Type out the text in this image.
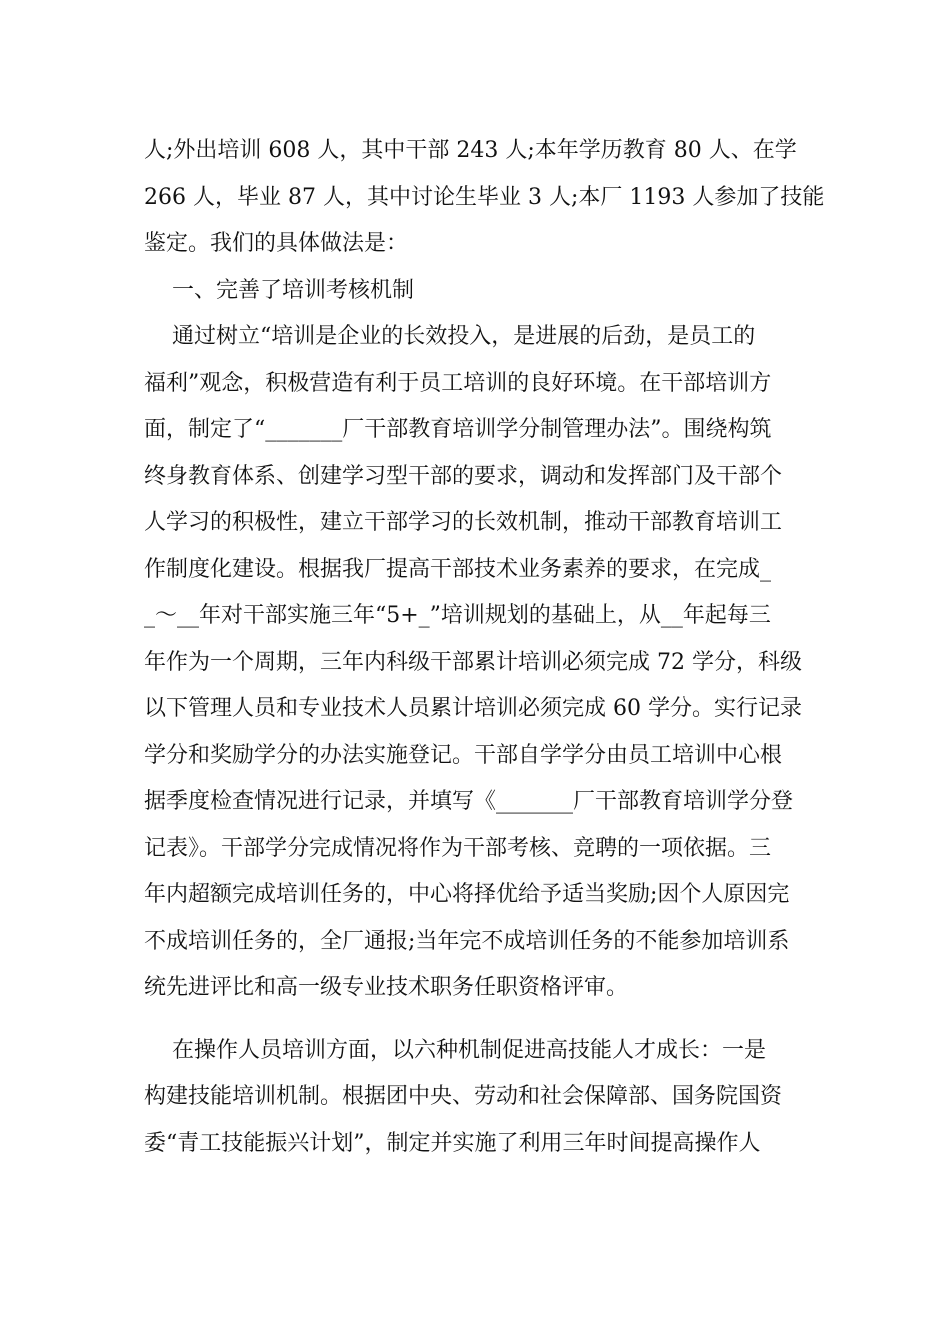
人;外出培训 608 人，其中干部 243 人;本年学历教育 80 人、在学
266 人，毕业 87 人，其中讨论生毕业 3 人;本厂 1193 人参加了技能
鉴定。我们的具体做法是：
一、完善了培训考核机制
通过树立“培训是企业的长效投入，是进展的后劲，是员工的
福利”观念，积极营造有利于员工培训的良好环境。在干部培训方
面，制定了“_______厂干部教育培训学分制管理办法”。围绕构筑
终身教育体系、创建学习型干部的要求，调动和发挥部门及干部个
人学习的积极性，建立干部学习的长效机制，推动干部教育培训工
作制度化建设。根据我厂提高干部技术业务素养的要求，在完成_
_～__年对干部实施三年“5+_”培训规划的基础上，从__年起每三
年作为一个周期，三年内科级干部累计培训必须完成 72 学分，科级
以下管理人员和专业技术人员累计培训必须完成 60 学分。实行记录
学分和奖励学分的办法实施登记。干部自学学分由员工培训中心根
据季度检查情况进行记录，并填写《_______厂干部教育培训学分登
记表》。干部学分完成情况将作为干部考核、竞聘的一项依据。三
年内超额完成培训任务的，中心将择优给予适当奖励;因个人原因完
不成培训任务的，全厂通报;当年完不成培训任务的不能参加培训系
统先进评比和高一级专业技术职务任职资格评审。
在操作人员培训方面，以六种机制促进高技能人才成长：一是
构建技能培训机制。根据团中央、劳动和社会保障部、国务院国资
委“青工技能振兴计划”，制定并实施了利用三年时间提高操作人
